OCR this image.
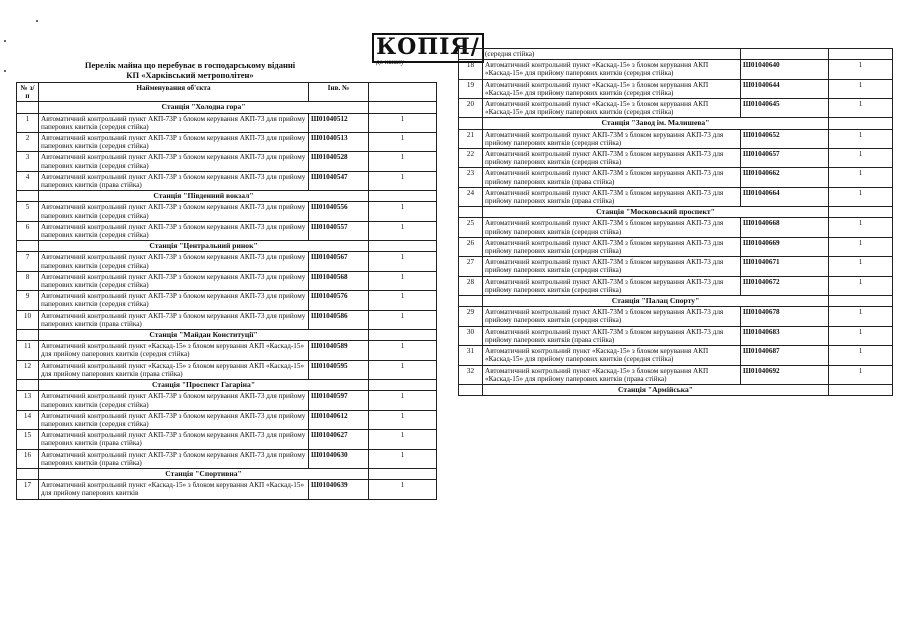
Перелік майна що перебуває в господарському віданні
КП «Харківський метрополітен»
№ з/п	Найменування об'єкта	Інв. №	
	Станція "Холодна гора"		
1	Автоматичний контрольний пункт АКП-73Р з блоком керування АКП-73 для прийому паперових квитків (середня стійка)	Ш01040512	1
2	Автоматичний контрольний пункт АКП-73Р з блоком керування АКП-73 для прийому паперових квитків (середня стійка)	Ш01040513	1
3	Автоматичний контрольний пункт АКП-73Р з блоком керування АКП-73 для прийому паперових квитків (середня стійка)	Ш01040528	1
4	Автоматичний контрольний пункт АКП-73Р з блоком керування АКП-73 для прийому паперових квитків (права стійка)	Ш01040547	1
	Станція "Південний вокзал"		
5	Автоматичний контрольний пункт АКП-73Р з блоком керування АКП-73 для прийому паперових квитків (середня стійка)	Ш01040556	1
6	Автоматичний контрольний пункт АКП-73Р з блоком керування АКП-73 для прийому паперових квитків (середня стійка)	Ш01040557	1
	Станція "Центральний ринок"		
7	Автоматичний контрольний пункт АКП-73Р з блоком керування АКП-73 для прийому паперових квитків (середня стійка)	Ш01040567	1
8	Автоматичний контрольний пункт АКП-73Р з блоком керування АКП-73 для прийому паперових квитків (середня стійка)	Ш01040568	1
9	Автоматичний контрольний пункт АКП-73Р з блоком керування АКП-73 для прийому паперових квитків (середня стійка)	Ш01040576	1
10	Автоматичний контрольний пункт АКП-73Р з блоком керування АКП-73 для прийому паперових квитків (права стійка)	Ш01040586	1
	Станція "Майдан Конституції"		
11	Автоматичний контрольний пункт «Каскад-15» з блоком керування АКП «Каскад-15» для прийому паперових квитків (середня стійка)	Ш01040589	1
12	Автоматичний контрольний пункт «Каскад-15» з блоком керування АКП «Каскад-15» для прийому паперових квитків (права стійка)	Ш01040595	1
	Станція "Проспект Гагаріна"		
13	Автоматичний контрольний пункт АКП-73Р з блоком керування АКП-73 для прийому паперових квитків (середня стійка)	Ш01040597	1
14	Автоматичний контрольний пункт АКП-73Р з блоком керування АКП-73 для прийому паперових квитків (середня стійка)	Ш01040612	1
15	Автоматичний контрольний пункт АКП-73Р з блоком керування АКП-73 для прийому паперових квитків (права стійка)	Ш01040627	1
16	Автоматичний контрольний пункт АКП-73Р з блоком керування АКП-73 для прийому паперових квитків (права стійка)	Ш01040630	1
	Станція "Спортивна"		
17	Автоматичний контрольний пункт «Каскад-15» з блоком керування АКП «Каскад-15» для прийому паперових квитків	Ш01040639	1
КОПІЯ/
до наказу
	(середня стійка)		
18	Автоматичний контрольний пункт «Каскад-15» з блоком керування АКП «Каскад-15» для прийому паперових квитків (середня стійка)	Ш01040640	1
19	Автоматичний контрольний пункт «Каскад-15» з блоком керування АКП «Каскад-15» для прийому паперових квитків (середня стійка)	Ш01040644	1
20	Автоматичний контрольний пункт «Каскад-15» з блоком керування АКП «Каскад-15» для прийому паперових квитків (середня стійка)	Ш01040645	1
	Станція "Завод ім. Малишева"		
21	Автоматичний контрольний пункт АКП-73М з блоком керування АКП-73 для прийому паперових квитків (середня стійка)	Ш01040652	1
22	Автоматичний контрольний пункт АКП-73М з блоком керування АКП-73 для прийому паперових квитків (середня стійка)	Ш01040657	1
23	Автоматичний контрольний пункт АКП-73М з блоком керування АКП-73 для прийому паперових квитків (права стійка)	Ш01040662	1
24	Автоматичний контрольний пункт АКП-73М з блоком керування АКП-73 для прийому паперових квитків (права стійка)	Ш01040664	1
	Станція "Московський проспект"		
25	Автоматичний контрольний пункт АКП-73М з блоком керування АКП-73 для прийому паперових квитків (середня стійка)	Ш01040668	1
26	Автоматичний контрольний пункт АКП-73М з блоком керування АКП-73 для прийому паперових квитків (середня стійка)	Ш01040669	1
27	Автоматичний контрольний пункт АКП-73М з блоком керування АКП-73 для прийому паперових квитків (середня стійка)	Ш01040671	1
28	Автоматичний контрольний пункт АКП-73М з блоком керування АКП-73 для прийому паперових квитків (середня стійка)	Ш01040672	1
	Станція "Палац Спорту"		
29	Автоматичний контрольний пункт АКП-73М з блоком керування АКП-73 для прийому паперових квитків (середня стійка)	Ш01040678	1
30	Автоматичний контрольний пункт АКП-73М з блоком керування АКП-73 для прийому паперових квитків (права стійка)	Ш01040683	1
31	Автоматичний контрольний пункт «Каскад-15» з блоком керування АКП «Каскад-15» для прийому паперових квитків (середня стійка)	Ш01040687	1
32	Автоматичний контрольний пункт «Каскад-15» з блоком керування АКП «Каскад-15» для прийому паперових квитків (права стійка)	Ш01040692	1
	Станція "Армійська"		
